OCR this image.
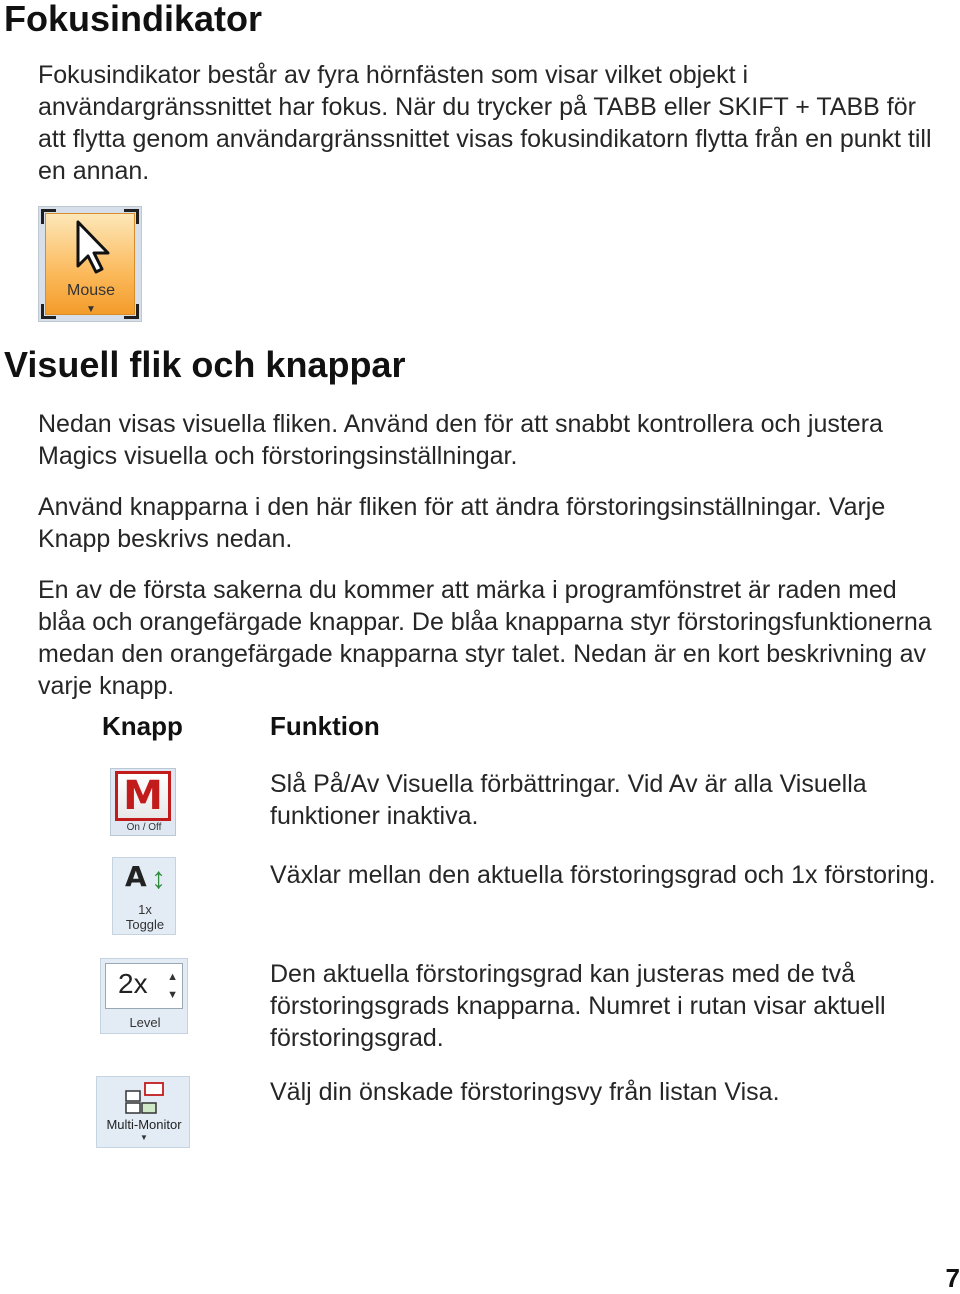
Fokusindikator

Fokusindikator består av fyra hörnfästen som visar vilket objekt i användargränssnittet har fokus. När du trycker på TABB eller SKIFT + TABB för att flytta genom användargränssnittet visas fokusindikatorn flytta från en punkt till en annan.

Mouse
▼
Visuell flik och knappar

Nedan visas visuella fliken. Använd den för att snabbt kontrollera och justera Magics visuella och förstoringsinställningar.

Använd knapparna i den här fliken för att ändra förstoringsinställningar. Varje Knapp beskrivs nedan.

En av de första sakerna du kommer att märka i programfönstret är raden med blåa och orangefärgade knappar. De blåa knapparna styr förstoringsfunktionerna medan den orangefärgade knapparna styr talet. Nedan är en kort beskrivning av varje knapp.

Knapp	Funktion
M
On / Off

Slå På/Av Visuella förbättringar. Vid Av är alla Visuella funktioner inaktiva.

A ↕
1x
Toggle

Växlar mellan den aktuella förstoringsgrad och 1x förstoring.

2x ▲
▼
Level

Den aktuella förstoringsgrad kan justeras med de två förstoringsgrads knapparna. Numret i rutan visar aktuell förstoringsgrad.

Multi-Monitor
▼

Välj din önskade förstoringsvy från listan Visa.

7
